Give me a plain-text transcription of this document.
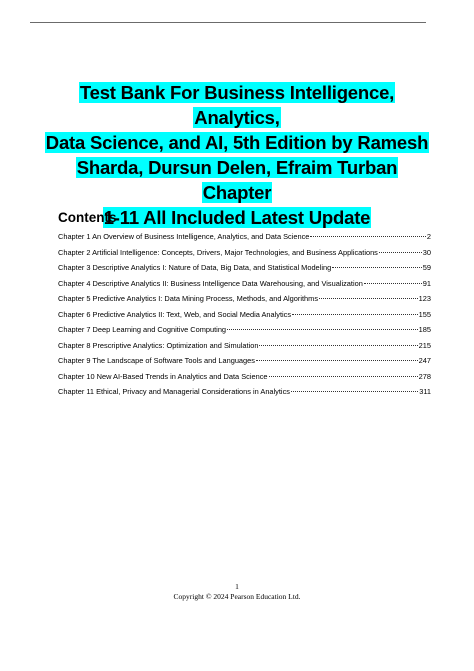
Test Bank For Business Intelligence, Analytics,
Data Science, and AI, 5th Edition by Ramesh
Sharda, Dursun Delen, Efraim Turban Chapter
1-11 All Included Latest Update
Contents
Chapter 1 An Overview of Business Intelligence, Analytics, and Data Science	2
Chapter 2 Artificial Intelligence: Concepts, Drivers, Major Technologies, and Business Applications	30
Chapter 3 Descriptive Analytics I: Nature of Data, Big Data, and Statistical Modeling	59
Chapter 4 Descriptive Analytics II: Business Intelligence Data Warehousing, and Visualization	91
Chapter 5 Predictive Analytics I: Data Mining Process, Methods, and Algorithms	123
Chapter 6 Predictive Analytics II: Text, Web, and Social Media Analytics	155
Chapter 7 Deep Learning and Cognitive Computing	185
Chapter 8 Prescriptive Analytics: Optimization and Simulation	215
Chapter 9 The Landscape of Software Tools and Languages	247
Chapter 10 New AI-Based Trends in Analytics and Data Science	278
Chapter 11 Ethical, Privacy and Managerial Considerations in Analytics	311
1
Copyright © 2024 Pearson Education Ltd.
